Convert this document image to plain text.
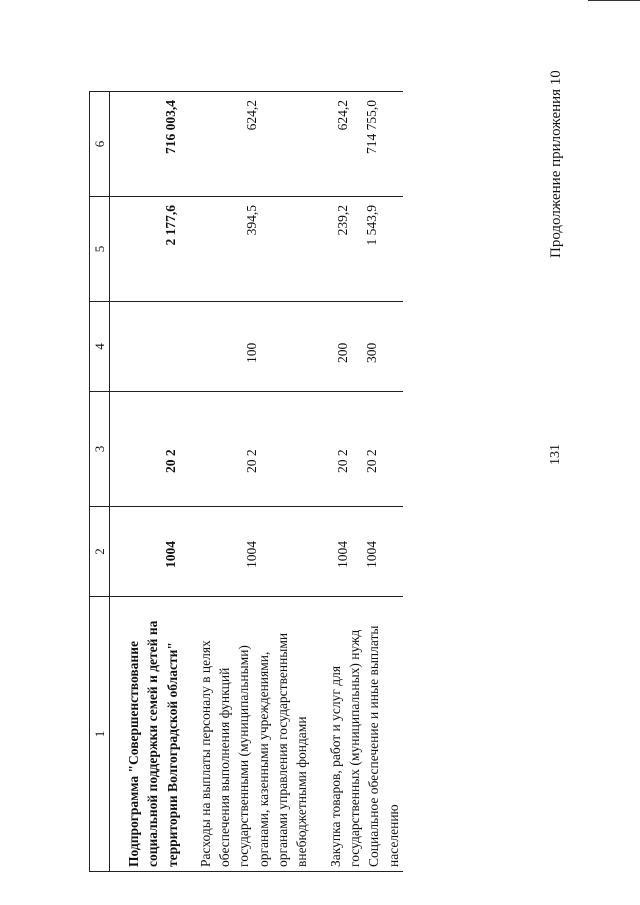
131
Продолжение приложения 10
1	2	3	4	5	6

Подпрограмма "Совершенствование социальной поддержки семей и детей на территории Волгоградской области"	1004	20 2		2 177,6	716 003,4

Расходы на выплаты персоналу в целях обеспечения выполнения функций государственными (муниципальными) органами, казенными учреждениями, органами управления государственными внебюджетными фондами	1004	20 2	100	394,5	624,2

Закупка товаров, работ и услуг для государственных (муниципальных) нужд	1004	20 2	200	239,2	624,2
Социальное обеспечение и иные выплаты населению	1004	20 2	300	1 543,9	714 755,0
